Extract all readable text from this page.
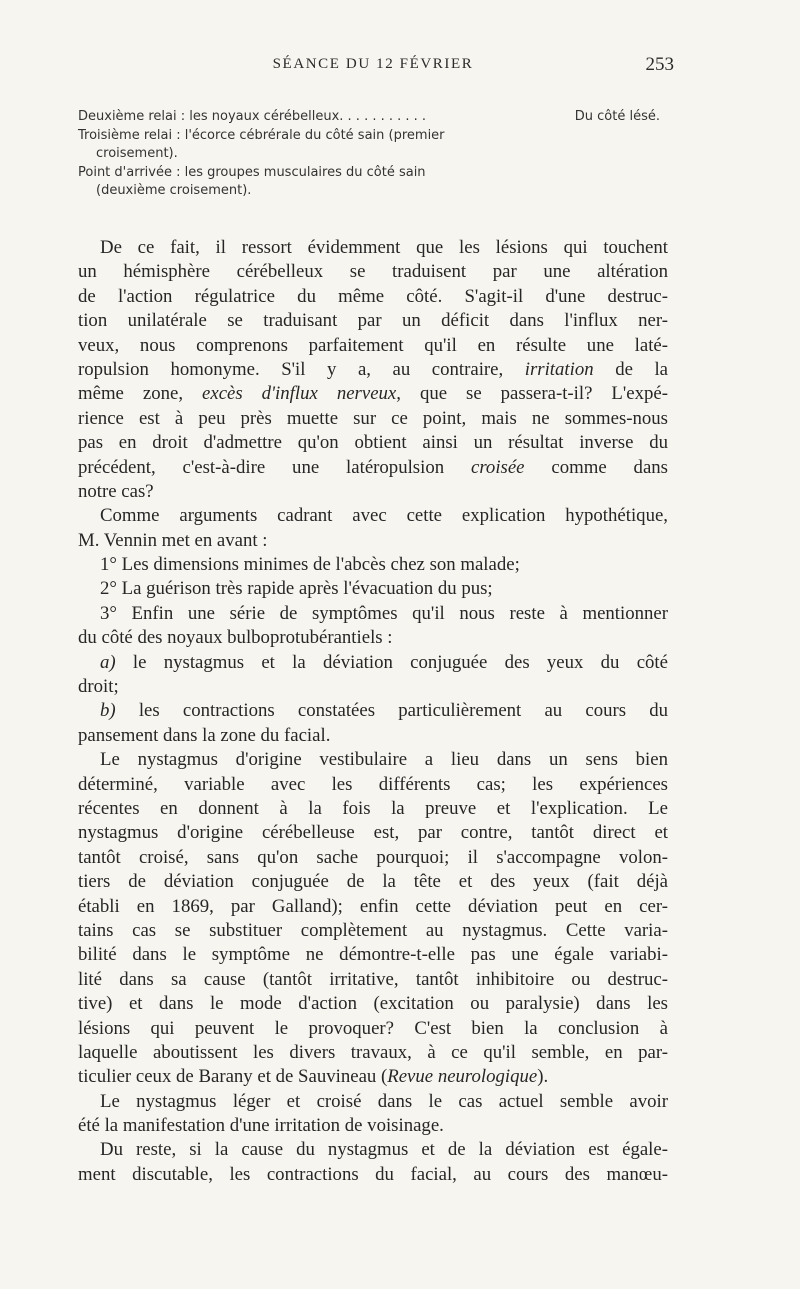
SÉANCE DU 12 FÉVRIER	253
Deuxième relai : les noyaux cérébelleux. . . . . . . . . . .	Du côté lésé.
Troisième relai : l'écorce cébrérale du côté sain (premier
croisement).
Point d'arrivée : les groupes musculaires du côté sain
(deuxième croisement).
De ce fait, il ressort évidemment que les lésions qui touchent
un hémisphère cérébelleux se traduisent par une altération
de l'action régulatrice du même côté. S'agit-il d'une destruc-
tion unilatérale se traduisant par un déficit dans l'influx ner-
veux, nous comprenons parfaitement qu'il en résulte une laté-
ropulsion homonyme. S'il y a, au contraire, irritation de la
même zone, excès d'influx nerveux, que se passera-t-il? L'expé-
rience est à peu près muette sur ce point, mais ne sommes-nous
pas en droit d'admettre qu'on obtient ainsi un résultat inverse du
précédent, c'est-à-dire une latéropulsion croisée comme dans
notre cas?
Comme arguments cadrant avec cette explication hypothétique,
M. Vennin met en avant :
1° Les dimensions minimes de l'abcès chez son malade;
2° La guérison très rapide après l'évacuation du pus;
3° Enfin une série de symptômes qu'il nous reste à mentionner
du côté des noyaux bulboprotubérantiels :
a) le nystagmus et la déviation conjuguée des yeux du côté
droit;
b) les contractions constatées particulièrement au cours du
pansement dans la zone du facial.
Le nystagmus d'origine vestibulaire a lieu dans un sens bien
déterminé, variable avec les différents cas; les expériences
récentes en donnent à la fois la preuve et l'explication. Le
nystagmus d'origine cérébelleuse est, par contre, tantôt direct et
tantôt croisé, sans qu'on sache pourquoi; il s'accompagne volon-
tiers de déviation conjuguée de la tête et des yeux (fait déjà
établi en 1869, par Galland); enfin cette déviation peut en cer-
tains cas se substituer complètement au nystagmus. Cette varia-
bilité dans le symptôme ne démontre-t-elle pas une égale variabi-
lité dans sa cause (tantôt irritative, tantôt inhibitoire ou destruc-
tive) et dans le mode d'action (excitation ou paralysie) dans les
lésions qui peuvent le provoquer? C'est bien la conclusion à
laquelle aboutissent les divers travaux, à ce qu'il semble, en par-
ticulier ceux de Barany et de Sauvineau (Revue neurologique).
Le nystagmus léger et croisé dans le cas actuel semble avoir
été la manifestation d'une irritation de voisinage.
Du reste, si la cause du nystagmus et de la déviation est égale-
ment discutable, les contractions du facial, au cours des manœu-
